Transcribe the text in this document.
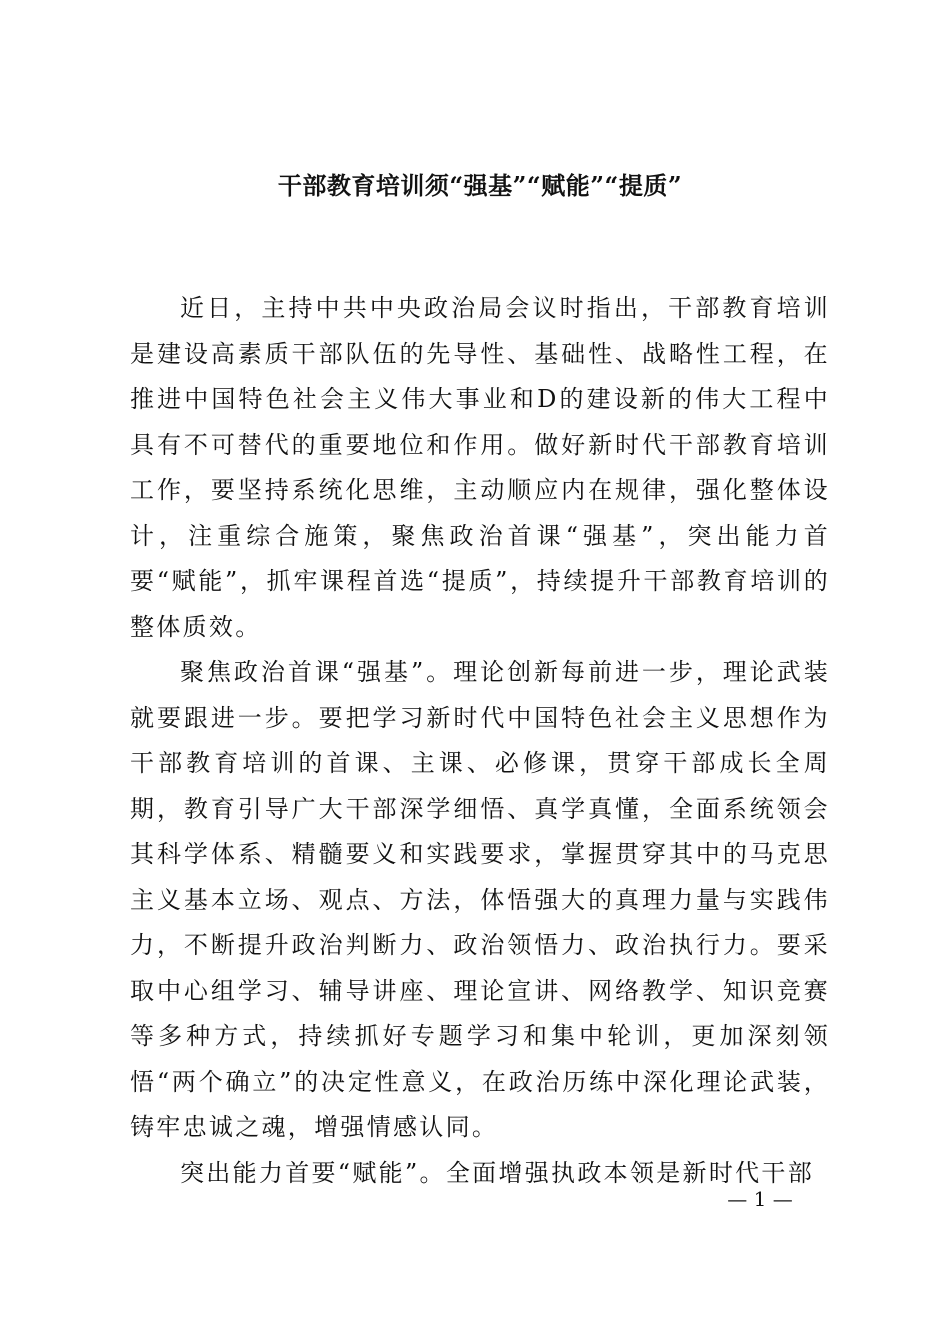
干部教育培训须“强基”“赋能”“提质”

近日，主持中共中央政治局会议时指出，干部教育培训是建设高素质干部队伍的先导性、基础性、战略性工程，在推进中国特色社会主义伟大事业和D的建设新的伟大工程中具有不可替代的重要地位和作用。做好新时代干部教育培训工作，要坚持系统化思维，主动顺应内在规律，强化整体设计，注重综合施策，聚焦政治首课“强基”，突出能力首要“赋能”，抓牢课程首选“提质”，持续提升干部教育培训的整体质效。

聚焦政治首课“强基”。理论创新每前进一步，理论武装就要跟进一步。要把学习新时代中国特色社会主义思想作为干部教育培训的首课、主课、必修课，贯穿干部成长全周期，教育引导广大干部深学细悟、真学真懂，全面系统领会其科学体系、精髓要义和实践要求，掌握贯穿其中的马克思主义基本立场、观点、方法，体悟强大的真理力量与实践伟力，不断提升政治判断力、政治领悟力、政治执行力。要采取中心组学习、辅导讲座、理论宣讲、网络教学、知识竞赛等多种方式，持续抓好专题学习和集中轮训，更加深刻领悟“两个确立”的决定性意义，在政治历练中深化理论武装，铸牢忠诚之魂，增强情感认同。

突出能力首要“赋能”。全面增强执政本领是新时代干部

— 1 —
